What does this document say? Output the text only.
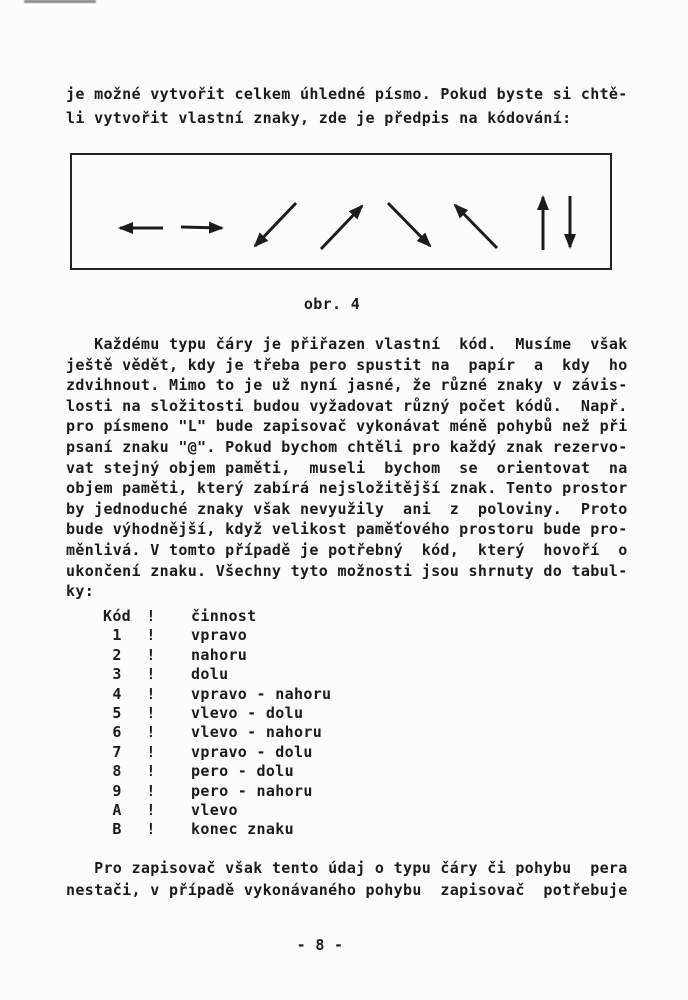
je možné vytvořit celkem úhledné písmo. Pokud byste si chtě-
li vytvořit vlastní znaky, zde je předpis na kódování:
obr. 4
Každému typu čáry je přiřazen vlastní  kód.  Musíme  však
ještě vědět, kdy je třeba pero spustit na  papír  a  kdy  ho
zdvihnout. Mimo to je už nyní jasné, že různé znaky v závis-
losti na složitosti budou vyžadovat různý počet kódů.  Např.
pro písmeno "L" bude zapisovač vykonávat méně pohybů než při
psaní znaku "@". Pokud bychom chtěli pro každý znak rezervo-
vat stejný objem paměti,  museli  bychom  se  orientovat  na
objem paměti, který zabírá nejsložitější znak. Tento prostor
by jednoduché znaky však nevyužily  ani  z  poloviny.  Proto
bude výhodnější, když velikost paměťového prostoru bude pro-
měnlivá. V tomto případě je potřebný  kód,  který  hovoří  o
ukončení znaku. Všechny tyto možnosti jsou shrnuty do tabul-
ky:
Kód	! činnost
1	! vpravo
2	! nahoru
3	! dolu
4	! vpravo - nahoru
5	! vlevo - dolu
6	! vlevo - nahoru
7	! vpravo - dolu
8	! pero - dolu
9	! pero - nahoru
A	! vlevo
B	! konec znaku
Pro zapisovač však tento údaj o typu čáry či pohybu  pera
nestači, v případě vykonávaného pohybu  zapisovač  potřebuje
- 8 -
